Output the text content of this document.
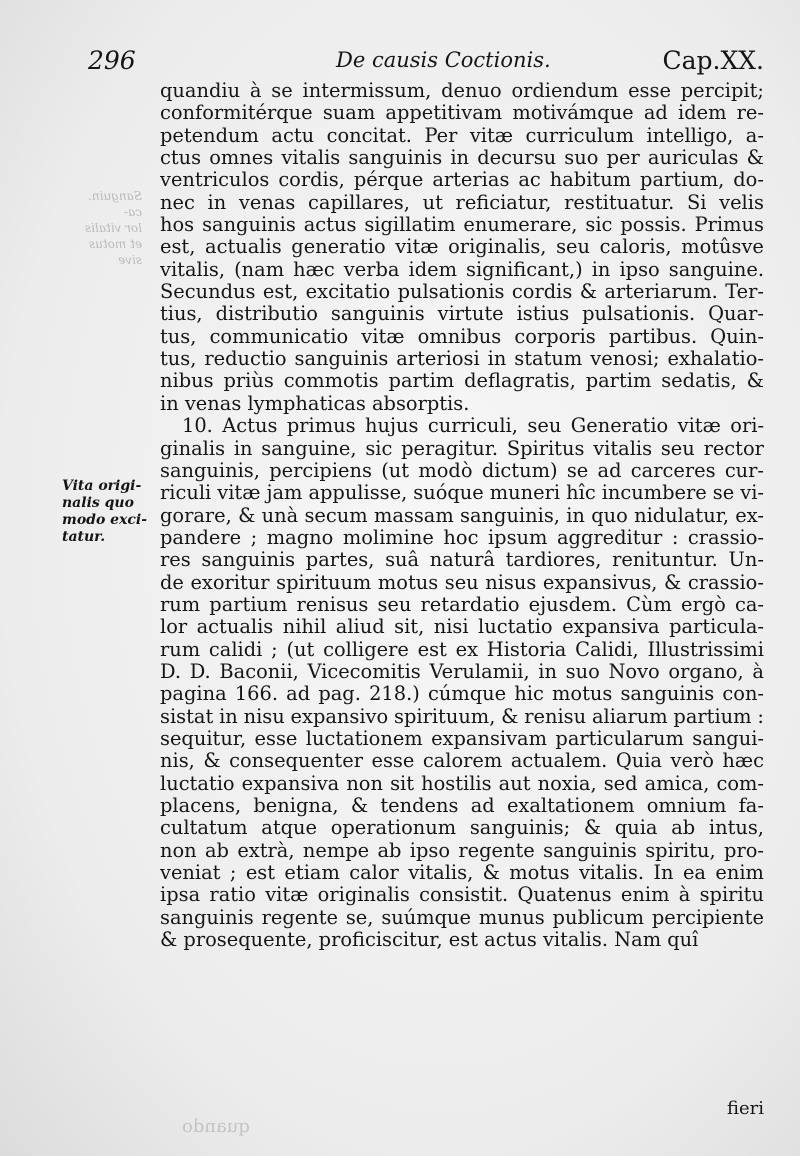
296	De causis Coctionis.	Cap.XX.
Sanguin. ca-
lor vitalis
et motus
sive
Vita origi-
nalis quo
modo exci-
tatur.
quandiu à se intermissum, denuo ordiendum esse percipit;
conformitérque suam appetitivam motivámque ad idem re-
petendum actu concitat. Per vitæ curriculum intelligo, a-
ctus omnes vitalis sanguinis in decursu suo per auriculas &
ventriculos cordis, pérque arterias ac habitum partium, do-
nec in venas capillares, ut reficiatur, restituatur. Si velis
hos sanguinis actus sigillatim enumerare, sic possis. Primus
est, actualis generatio vitæ originalis, seu caloris, motûsve
vitalis, (nam hæc verba idem significant,) in ipso sanguine.
Secundus est, excitatio pulsationis cordis & arteriarum. Ter-
tius, distributio sanguinis virtute istius pulsationis. Quar-
tus, communicatio vitæ omnibus corporis partibus. Quin-
tus, reductio sanguinis arteriosi in statum venosi; exhalatio-
nibus priùs commotis partim deflagratis, partim sedatis, &
in venas lymphaticas absorptis.
10. Actus primus hujus curriculi, seu Generatio vitæ ori-
ginalis in sanguine, sic peragitur. Spiritus vitalis seu rector
sanguinis, percipiens (ut modò dictum) se ad carceres cur-
riculi vitæ jam appulisse, suóque muneri hîc incumbere se vi-
gorare, & unà secum massam sanguinis, in quo nidulatur, ex-
pandere ; magno molimine hoc ipsum aggreditur : crassio-
res sanguinis partes, suâ naturâ tardiores, renituntur. Un-
de exoritur spirituum motus seu nisus expansivus, & crassio-
rum partium renisus seu retardatio ejusdem. Cùm ergò ca-
lor actualis nihil aliud sit, nisi luctatio expansiva particula-
rum calidi ; (ut colligere est ex Historia Calidi, Illustrissimi
D. D. Baconii, Vicecomitis Verulamii, in suo Novo organo, à
pagina 166. ad pag. 218.) cúmque hic motus sanguinis con-
sistat in nisu expansivo spirituum, & renisu aliarum partium :
sequitur, esse luctationem expansivam particularum sangui-
nis, & consequenter esse calorem actualem. Quia verò hæc
luctatio expansiva non sit hostilis aut noxia, sed amica, com-
placens, benigna, & tendens ad exaltationem omnium fa-
cultatum atque operationum sanguinis; & quia ab intus,
non ab extrà, nempe ab ipso regente sanguinis spiritu, pro-
veniat ; est etiam calor vitalis, & motus vitalis. In ea enim
ipsa ratio vitæ originalis consistit. Quatenus enim à spiritu
sanguinis regente se, suúmque munus publicum percipiente
& prosequente, proficiscitur, est actus vitalis. Nam quî
fieri
quando
